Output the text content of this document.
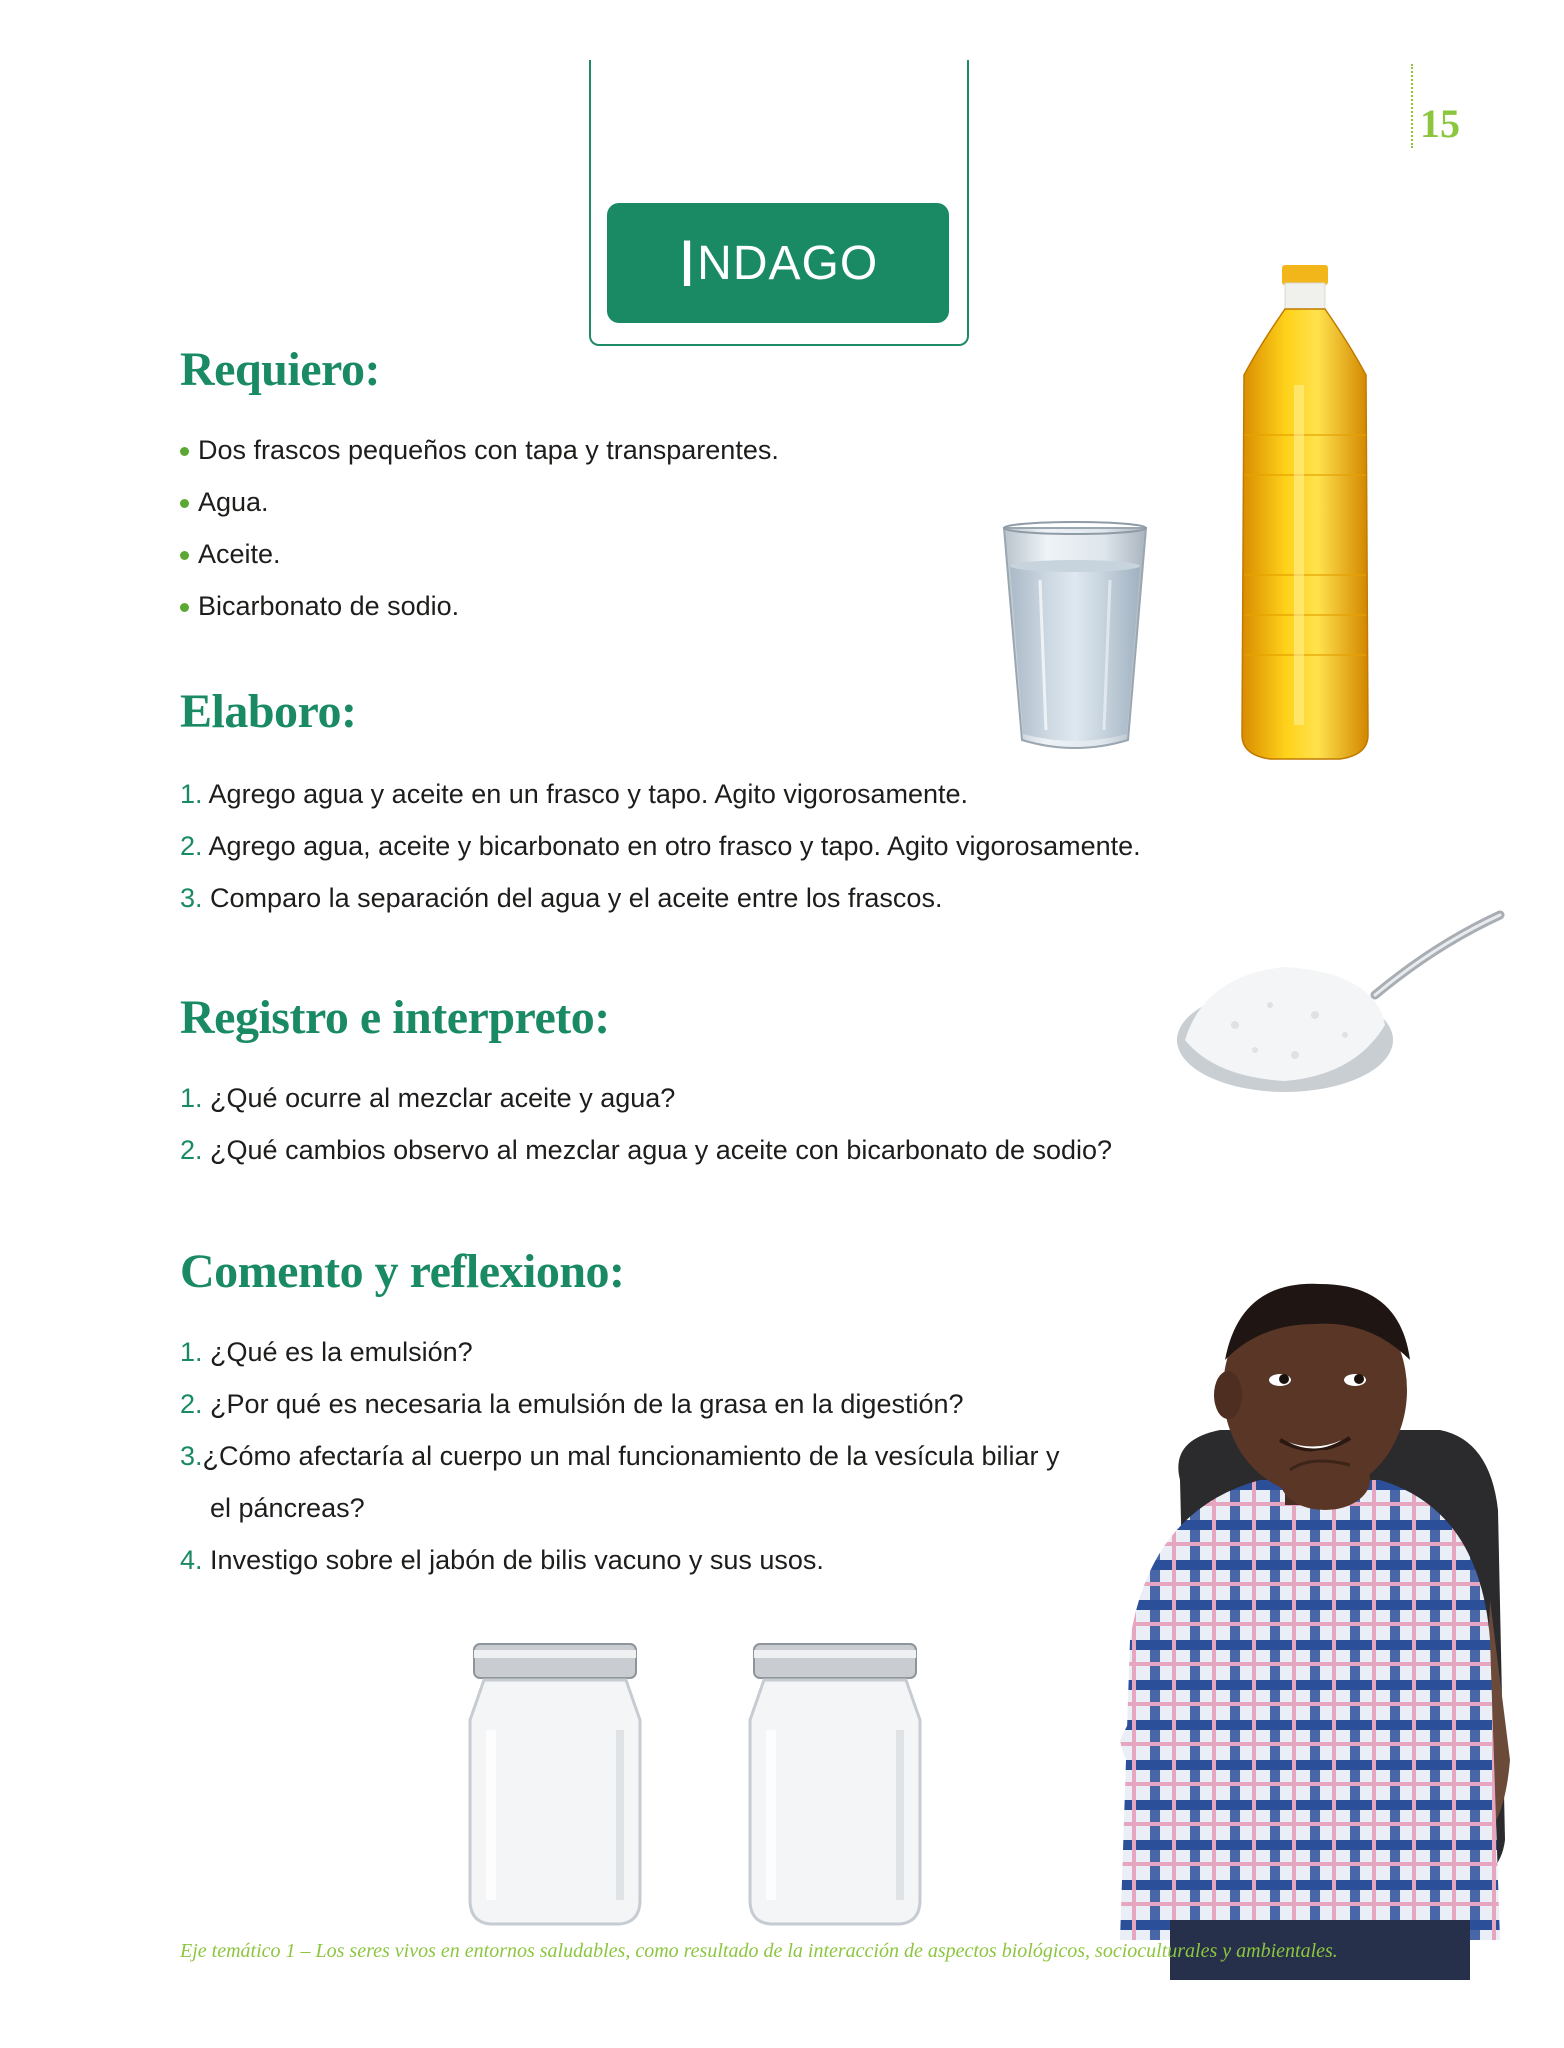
15
I NDAGO
Requiero:
Dos frascos pequeños con tapa y transparentes.
Agua.
Aceite.
Bicarbonato de sodio.
Elaboro:
1. Agrego agua y aceite en un frasco y tapo. Agito vigorosamente.
2. Agrego agua, aceite y bicarbonato en otro frasco y tapo. Agito vigorosamente.
3. Comparo la separación del agua y el aceite entre los frascos.
Registro e interpreto:
1. ¿Qué ocurre al mezclar aceite y agua?
2. ¿Qué cambios observo al mezclar agua y aceite con bicarbonato de sodio?
Comento y reflexiono:
1. ¿Qué es la emulsión?
2. ¿Por qué es necesaria la emulsión de la grasa en la digestión?
3.¿Cómo afectaría al cuerpo un mal funcionamiento de la vesícula biliar y
el páncreas?
4. Investigo sobre el jabón de bilis vacuno y sus usos.
Eje temático 1 – Los seres vivos en entornos saludables, como resultado de la interacción de aspectos biológicos, socioculturales y ambientales.
